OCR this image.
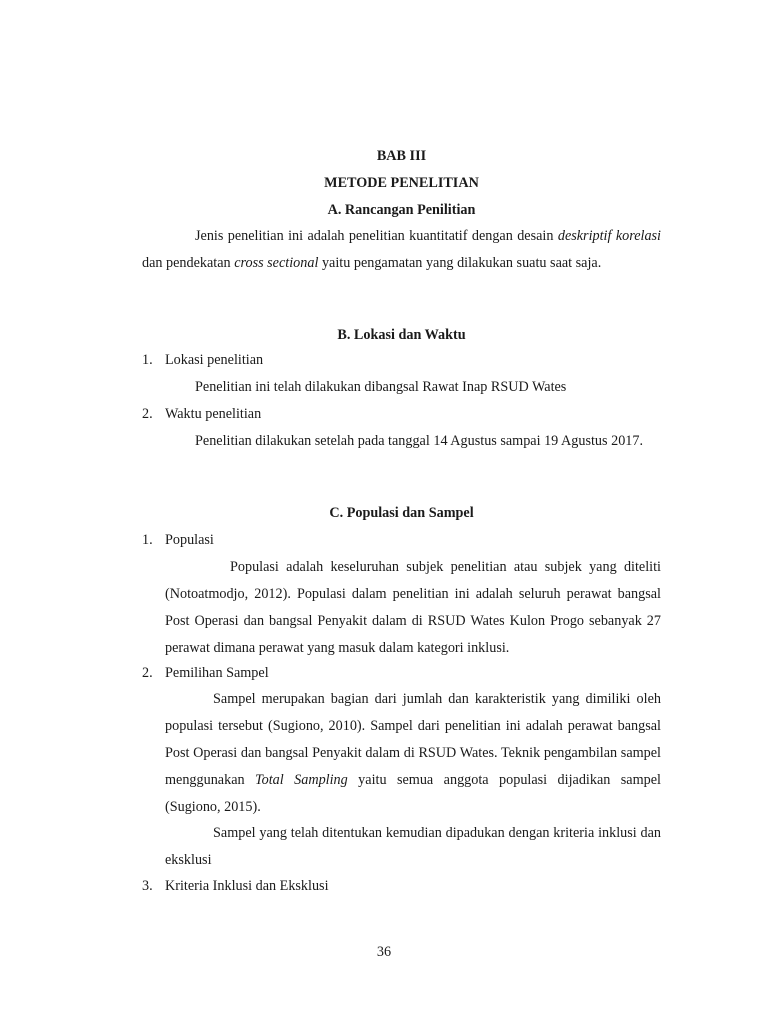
BAB III
METODE PENELITIAN
A. Rancangan Penilitian

Jenis penelitian ini adalah penelitian kuantitatif dengan desain deskriptif korelasi dan pendekatan cross sectional yaitu pengamatan yang dilakukan suatu saat saja.

B. Lokasi dan Waktu
1. Lokasi penelitian

Penelitian ini telah dilakukan dibangsal Rawat Inap RSUD Wates

2. Waktu penelitian

Penelitian dilakukan setelah pada tanggal 14 Agustus sampai 19 Agustus 2017.

C. Populasi dan Sampel
1. Populasi

Populasi adalah keseluruhan subjek penelitian atau subjek yang diteliti (Notoatmodjo, 2012). Populasi dalam penelitian ini adalah seluruh perawat bangsal Post Operasi dan bangsal Penyakit dalam di RSUD Wates Kulon Progo sebanyak 27 perawat dimana perawat yang masuk dalam kategori inklusi.

2. Pemilihan Sampel

Sampel merupakan bagian dari jumlah dan karakteristik yang dimiliki oleh populasi tersebut (Sugiono, 2010). Sampel dari penelitian ini adalah perawat bangsal Post Operasi dan bangsal Penyakit dalam di RSUD Wates. Teknik pengambilan sampel menggunakan Total Sampling yaitu semua anggota populasi dijadikan sampel (Sugiono, 2015).

Sampel yang telah ditentukan kemudian dipadukan dengan kriteria inklusi dan eksklusi

3. Kriteria Inklusi dan Eksklusi
36
